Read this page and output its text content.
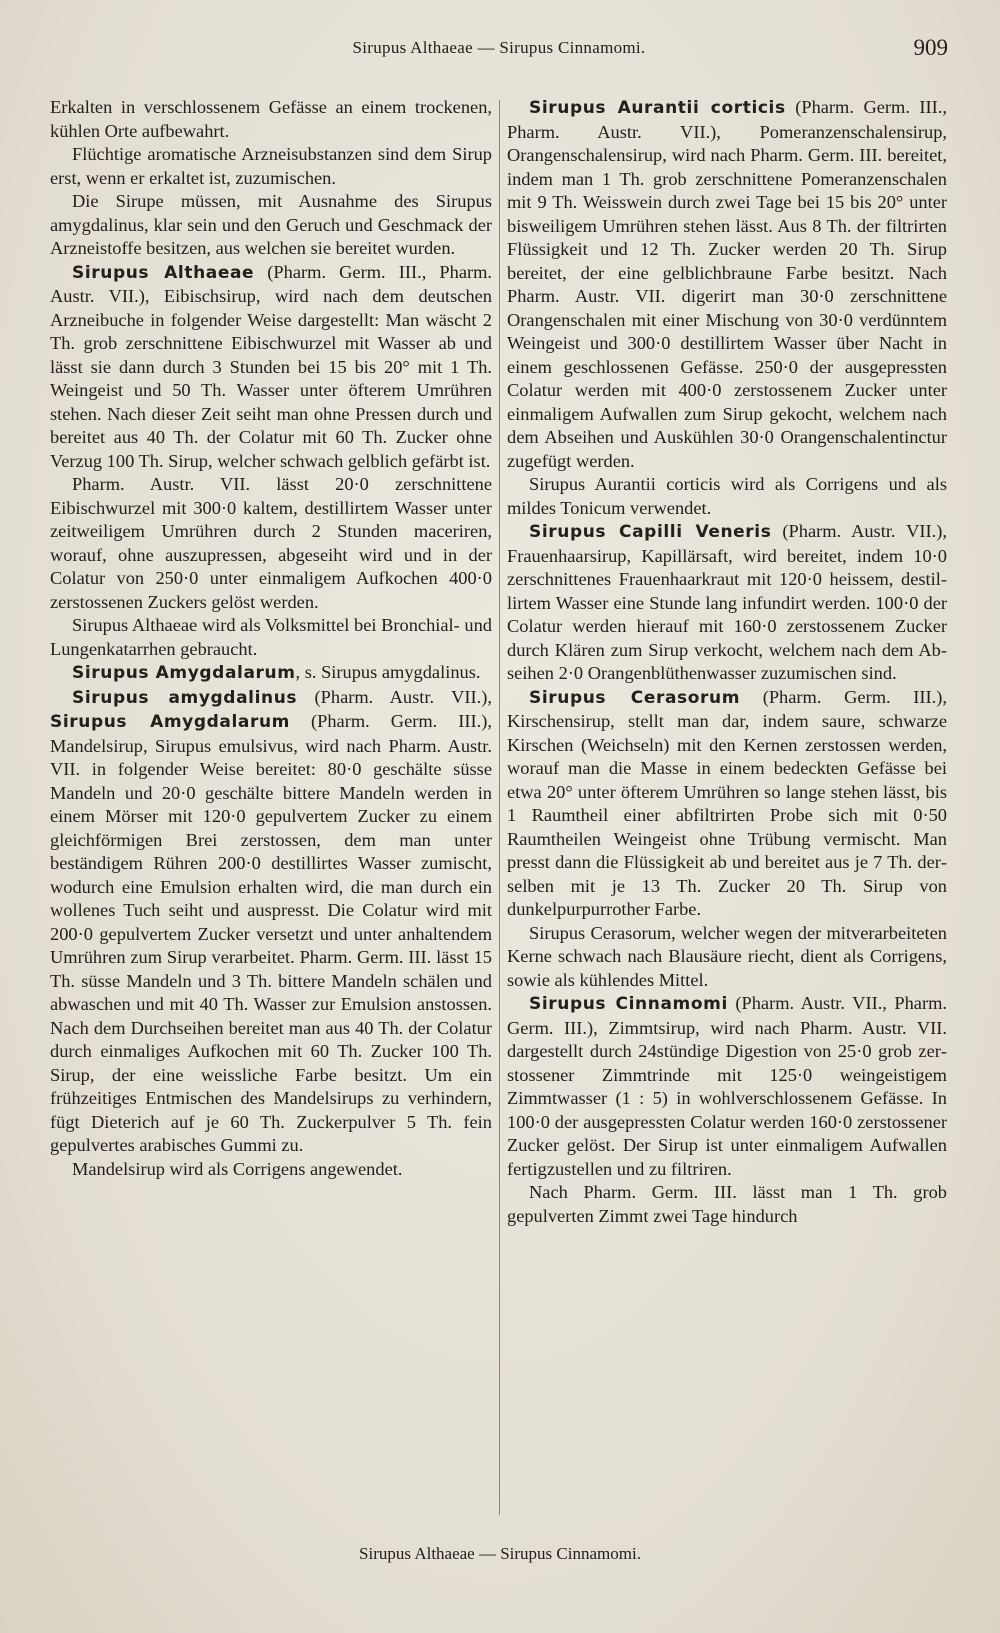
Sirupus Althaeae — Sirupus Cinnamomi.	909

Erkalten in verschlossenem Gefässe an einem trockenen, kühlen Orte aufbewahrt.

Flüchtige aromatische Arzneisubstanzen sind dem Sirup erst, wenn er erkaltet ist, zuzumischen.

Die Sirupe müssen, mit Ausnahme des Sirupus amygdalinus, klar sein und den Geruch und Geschmack der Arzneistoffe besitzen, aus welchen sie bereitet wurden.

Sirupus Althaeae (Pharm. Germ. III., Pharm. Austr. VII.), Eibischsirup, wird nach dem deutschen Arzneibuche in folgender Weise dargestellt: Man wäscht 2 Th. grob zerschnittene Eibischwurzel mit Wasser ab und lässt sie dann durch 3 Stunden bei 15 bis 20° mit 1 Th. Weingeist und 50 Th. Wasser unter öfterem Umrühren stehen. Nach dieser Zeit seiht man ohne Pressen durch und bereitet aus 40 Th. der Colatur mit 60 Th. Zucker ohne Verzug 100 Th. Sirup, welcher schwach gelblich gefärbt ist.

Pharm. Austr. VII. lässt 20·0 zerschnittene Eibischwurzel mit 300·0 kaltem, destillirtem Wasser unter zeitweiligem Umrühren durch 2 Stunden maceriren, worauf, ohne auszupressen, abgeseiht wird und in der Colatur von 250·0 unter einmaligem Aufkochen 400·0 zerstossenen Zuckers gelöst werden.

Sirupus Althaeae wird als Volksmittel bei Bronchial- und Lungenkatarrhen gebraucht.

Sirupus Amygdalarum, s. Sirupus amygdalinus.

Sirupus amygdalinus (Pharm. Austr. VII.), Sirupus Amygdalarum (Pharm. Germ. III.), Mandelsirup, Sirupus emulsivus, wird nach Pharm. Austr. VII. in folgender Weise bereitet: 80·0 geschälte süsse Mandeln und 20·0 geschälte bittere Mandeln werden in einem Mörser mit 120·0 gepulvertem Zucker zu einem gleichförmigen Brei zerstossen, dem man unter beständigem Rühren 200·0 destillirtes Wasser zumischt, wodurch eine Emulsion erhalten wird, die man durch ein wollenes Tuch seiht und auspresst. Die Colatur wird mit 200·0 gepulvertem Zucker versetzt und unter anhaltendem Umrühren zum Sirup verarbeitet. Pharm. Germ. III. lässt 15 Th. süsse Mandeln und 3 Th. bittere Mandeln schälen und abwaschen und mit 40 Th. Wasser zur Emulsion anstossen. Nach dem Durchseihen bereitet man aus 40 Th. der Colatur durch einmaliges Aufkochen mit 60 Th. Zucker 100 Th. Sirup, der eine weissliche Farbe besitzt. Um ein frühzeitiges Entmischen des Mandelsirups zu verhindern, fügt Dieterich auf je 60 Th. Zuckerpulver 5 Th. fein gepulvertes arabisches Gummi zu.

Mandelsirup wird als Corrigens angewendet.

Sirupus Aurantii corticis (Pharm. Germ. III., Pharm. Austr. VII.), Pomeranzenschalensirup, Orangenschalensirup, wird nach Pharm. Germ. III. bereitet, indem man 1 Th. grob zerschnittene Pomeranzenschalen mit 9 Th. Weisswein durch zwei Tage bei 15 bis 20° unter bisweiligem Umrühren stehen lässt. Aus 8 Th. der filtrirten Flüssigkeit und 12 Th. Zucker werden 20 Th. Sirup bereitet, der eine gelblichbraune Farbe besitzt. Nach Pharm. Austr. VII. digerirt man 30·0 zerschnittene Orangenschalen mit einer Mischung von 30·0 verdünntem Weingeist und 300·0 destillirtem Wasser über Nacht in einem geschlossenen Gefässe. 250·0 der ausgepressten Colatur werden mit 400·0 zerstossenem Zucker unter einmaligem Aufwallen zum Sirup gekocht, welchem nach dem Abseihen und Auskühlen 30·0 Orangenschalentinctur zugefügt werden.

Sirupus Aurantii corticis wird als Corrigens und als mildes Tonicum verwendet.

Sirupus Capilli Veneris (Pharm. Austr. VII.), Frauenhaarsirup, Kapillärsaft, wird bereitet, indem 10·0 zerschnittenes Frauenhaarkraut mit 120·0 heissem, destillirtem Wasser eine Stunde lang infundirt werden. 100·0 der Colatur werden hierauf mit 160·0 zerstossenem Zucker durch Klären zum Sirup verkocht, welchem nach dem Abseihen 2·0 Orangenblüthenwasser zuzumischen sind.

Sirupus Cerasorum (Pharm. Germ. III.), Kirschensirup, stellt man dar, indem saure, schwarze Kirschen (Weichseln) mit den Kernen zerstossen werden, worauf man die Masse in einem bedeckten Gefässe bei etwa 20° unter öfterem Umrühren so lange stehen lässt, bis 1 Raumtheil einer abfiltrirten Probe sich mit 0·50 Raumtheilen Weingeist ohne Trübung vermischt. Man presst dann die Flüssigkeit ab und bereitet aus je 7 Th. derselben mit je 13 Th. Zucker 20 Th. Sirup von dunkelpurpurrother Farbe.

Sirupus Cerasorum, welcher wegen der mitverarbeiteten Kerne schwach nach Blausäure riecht, dient als Corrigens, sowie als kühlendes Mittel.

Sirupus Cinnamomi (Pharm. Austr. VII., Pharm. Germ. III.), Zimmtsirup, wird nach Pharm. Austr. VII. dargestellt durch 24stündige Digestion von 25·0 grob zerstossener Zimmtrinde mit 125·0 weingeistigem Zimmtwasser (1 : 5) in wohlverschlossenem Gefässe. In 100·0 der ausgepressten Colatur werden 160·0 zerstossener Zucker gelöst. Der Sirup ist unter einmaligem Aufwallen fertigzustellen und zu filtriren.

Nach Pharm. Germ. III. lässt man 1 Th. grob gepulverten Zimmt zwei Tage hindurch

Sirupus Althaeae — Sirupus Cinnamomi.
